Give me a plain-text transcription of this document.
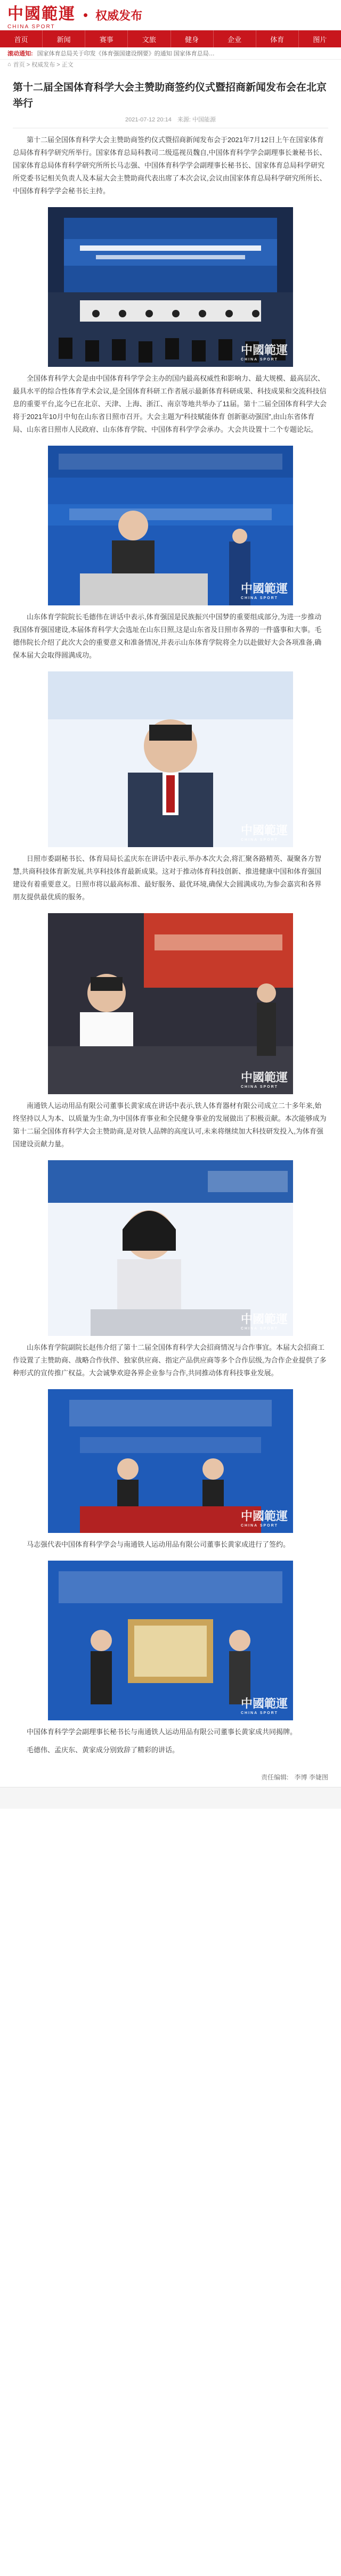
中國範運
CHINA SPORT
• 权威发布
首页	新闻	赛事	文旅	健身	企业	体育	图片
滚动通知: 国家体育总局关于印发《体育强国建设纲要》的通知 国家体育总局…
⌂ 首页 > 权威发布 > 正文
第十二届全国体育科学大会主赞助商签约仪式暨招商新闻发布会在北京举行
2021-07-12 20:14 来源: 中国能源

第十二届全国体育科学大会主赞助商签约仪式暨招商新闻发布会于2021年7月12日上午在国家体育总局体育科学研究所举行。国家体育总局科教司二级巡视员魏自,中国体育科学学会副理事长兼秘书长、国家体育总局体育科学研究所所长马志强、中国体育科学学会副理事长秘书长、国家体育总局科学研究所党委书记相关负责人及本届大会主赞助商代表出席了本次会议,会议由国家体育总局科学研究所所长、中国体育科学学会秘书长主持。

中國範運
CHINA SPORT

全国体育科学大会是由中国体育科学学会主办的国内最高权威性和影响力、最大规模、最高层次、最具水平的综合性体育学术会议,是全国体育科研工作者展示最新体育科研成果、科技成果和交流科技信息的重要平台,迄今已在北京、天津、上海、浙江、南京等地共举办了11届。第十二届全国体育科学大会将于2021年10月中旬在山东省日照市召开。大会主题为“科技赋能体育 创新驱动强国”,由山东省体育局、山东省日照市人民政府、山东体育学院、中国体育科学学会承办。大会共设置十二个专题论坛。

中國範運
CHINA SPORT

山东体育学院院长毛德伟在讲话中表示,体育强国是民族振兴中国梦的重要组成部分,为进一步推动我国体育强国建设,本届体育科学大会选址在山东日照,这是山东省及日照市各界的一件盛事和大事。毛德伟院长介绍了此次大会的重要意义和准备情况,并表示山东体育学院将全力以赴做好大会各项准备,确保本届大会取得圆满成功。

中國範運
CHINA SPORT

日照市委副秘书长、体育局局长孟庆东在讲话中表示,举办本次大会,将汇聚各路精英、凝聚各方智慧,共商科技体育新发展,共享科技体育最新成果。这对于推动体育科技创新、推进健康中国和体育强国建设有着重要意义。日照市将以最高标准、最好服务、最优环境,确保大会圆满成功,为参会嘉宾和各界朋友提供最优质的服务。

中國範運
CHINA SPORT

南通铁人运动用品有限公司董事长黄家成在讲话中表示,铁人体育器材有限公司成立二十多年来,始终坚持以人为本、以质量为生命,为中国体育事业和全民健身事业的发展做出了积极贡献。本次能够成为第十二届全国体育科学大会主赞助商,是对铁人品牌的高度认可,未来将继续加大科技研发投入,为体育强国建设贡献力量。

中國範運
CHINA SPORT

山东体育学院副院长赵伟介绍了第十二届全国体育科学大会招商情况与合作事宜。本届大会招商工作设置了主赞助商、战略合作伙伴、独家供应商、指定产品供应商等多个合作层级,为合作企业提供了多种形式的宣传推广权益。大会诚挚欢迎各界企业参与合作,共同推动体育科技事业发展。

中國範運
CHINA SPORT

马志强代表中国体育科学学会与南通铁人运动用品有限公司董事长黄家成进行了签约。

中國範運
CHINA SPORT

中国体育科学学会副理事长秘书长与南通铁人运动用品有限公司董事长黄家成共同揭牌。

毛德伟、孟庆东、黄家成分别致辞了精彩的讲话。

责任编辑: 李博 李婕图
